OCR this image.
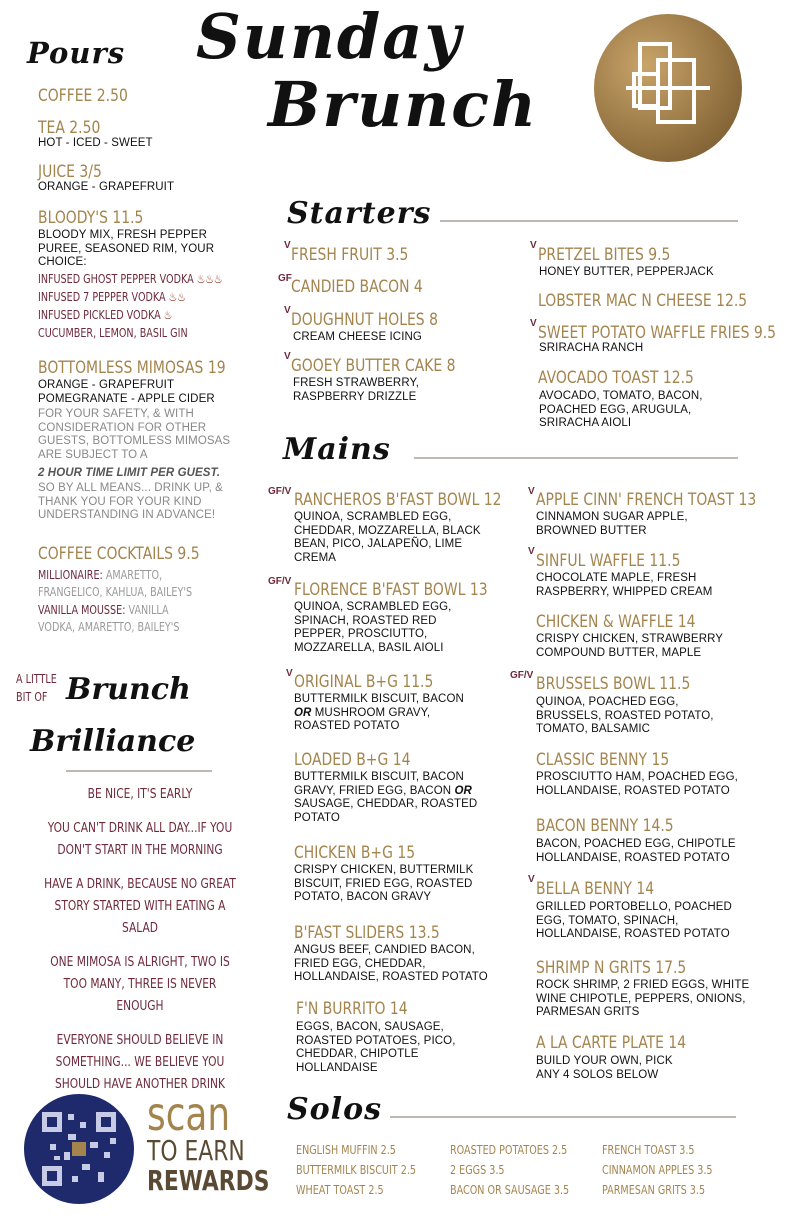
Sunday
Brunch
Pours
COFFEE 2.50
TEA 2.50
HOT - ICED - SWEET
JUICE 3/5
ORANGE - GRAPEFRUIT
BLOODY'S 11.5
BLOODY MIX, FRESH PEPPER PUREE, SEASONED RIM, YOUR CHOICE:
INFUSED GHOST PEPPER VODKA ♨♨♨
INFUSED 7 PEPPER VODKA ♨♨
INFUSED PICKLED VODKA ♨
CUCUMBER, LEMON, BASIL GIN
BOTTOMLESS MIMOSAS 19
ORANGE - GRAPEFRUIT
POMEGRANATE - APPLE CIDER
FOR YOUR SAFETY, & WITH CONSIDERATION FOR OTHER GUESTS, BOTTOMLESS MIMOSAS ARE SUBJECT TO A
2 HOUR TIME LIMIT PER GUEST.
SO BY ALL MEANS... DRINK UP, & THANK YOU FOR YOUR KIND UNDERSTANDING IN ADVANCE!
COFFEE COCKTAILS 9.5
MILLIONAIRE: AMARETTO, FRANGELICO, KAHLUA, BAILEY'S
VANILLA MOUSSE: VANILLA VODKA, AMARETTO, BAILEY'S
A LITTLE
BIT OF Brunch
Brilliance
BE NICE, IT'S EARLY
YOU CAN'T DRINK ALL DAY...IF YOU DON'T START IN THE MORNING
HAVE A DRINK, BECAUSE NO GREAT STORY STARTED WITH EATING A SALAD
ONE MIMOSA IS ALRIGHT, TWO IS TOO MANY, THREE IS NEVER ENOUGH
EVERYONE SHOULD BELIEVE IN SOMETHING... WE BELIEVE YOU SHOULD HAVE ANOTHER DRINK
scan
TO EARN
REWARDS
Starters
V FRESH FRUIT 3.5
GF CANDIED BACON 4
V DOUGHNUT HOLES 8
CREAM CHEESE ICING
V GOOEY BUTTER CAKE 8
FRESH STRAWBERRY, RASPBERRY DRIZZLE
V PRETZEL BITES 9.5
HONEY BUTTER, PEPPERJACK
LOBSTER MAC N CHEESE 12.5
V SWEET POTATO WAFFLE FRIES 9.5
SRIRACHA RANCH
AVOCADO TOAST 12.5
AVOCADO, TOMATO, BACON, POACHED EGG, ARUGULA, SRIRACHA AIOLI
Mains
GF/V RANCHEROS B'FAST BOWL 12
QUINOA, SCRAMBLED EGG, CHEDDAR, MOZZARELLA, BLACK BEAN, PICO, JALAPEÑO, LIME CREMA
GF/V FLORENCE B'FAST BOWL 13
QUINOA, SCRAMBLED EGG, SPINACH, ROASTED RED PEPPER, PROSCIUTTO, MOZZARELLA, BASIL AIOLI
V ORIGINAL B+G 11.5
BUTTERMILK BISCUIT, BACON
OR MUSHROOM GRAVY, ROASTED POTATO
LOADED B+G 14
BUTTERMILK BISCUIT, BACON GRAVY, FRIED EGG, BACON OR SAUSAGE, CHEDDAR, ROASTED POTATO
CHICKEN B+G 15
CRISPY CHICKEN, BUTTERMILK BISCUIT, FRIED EGG, ROASTED POTATO, BACON GRAVY
B'FAST SLIDERS 13.5
ANGUS BEEF, CANDIED BACON, FRIED EGG, CHEDDAR, HOLLANDAISE, ROASTED POTATO
F'N BURRITO 14
EGGS, BACON, SAUSAGE, ROASTED POTATOES, PICO, CHEDDAR, CHIPOTLE HOLLANDAISE
V APPLE CINN' FRENCH TOAST 13
CINNAMON SUGAR APPLE, BROWNED BUTTER
V SINFUL WAFFLE 11.5
CHOCOLATE MAPLE, FRESH RASPBERRY, WHIPPED CREAM
CHICKEN & WAFFLE 14
CRISPY CHICKEN, STRAWBERRY COMPOUND BUTTER, MAPLE
GF/V BRUSSELS BOWL 11.5
QUINOA, POACHED EGG, BRUSSELS, ROASTED POTATO, TOMATO, BALSAMIC
CLASSIC BENNY 15
PROSCIUTTO HAM, POACHED EGG, HOLLANDAISE, ROASTED POTATO
BACON BENNY 14.5
BACON, POACHED EGG, CHIPOTLE HOLLANDAISE, ROASTED POTATO
V BELLA BENNY 14
GRILLED PORTOBELLO, POACHED EGG, TOMATO, SPINACH, HOLLANDAISE, ROASTED POTATO
SHRIMP N GRITS 17.5
ROCK SHRIMP, 2 FRIED EGGS, WHITE WINE CHIPOTLE, PEPPERS, ONIONS, PARMESAN GRITS
A LA CARTE PLATE 14
BUILD YOUR OWN, PICK ANY 4 SOLOS BELOW
Solos
ENGLISH MUFFIN 2.5
BUTTERMILK BISCUIT 2.5
WHEAT TOAST 2.5
ROASTED POTATOES 2.5
2 EGGS 3.5
BACON OR SAUSAGE 3.5
FRENCH TOAST 3.5
CINNAMON APPLES 3.5
PARMESAN GRITS 3.5
